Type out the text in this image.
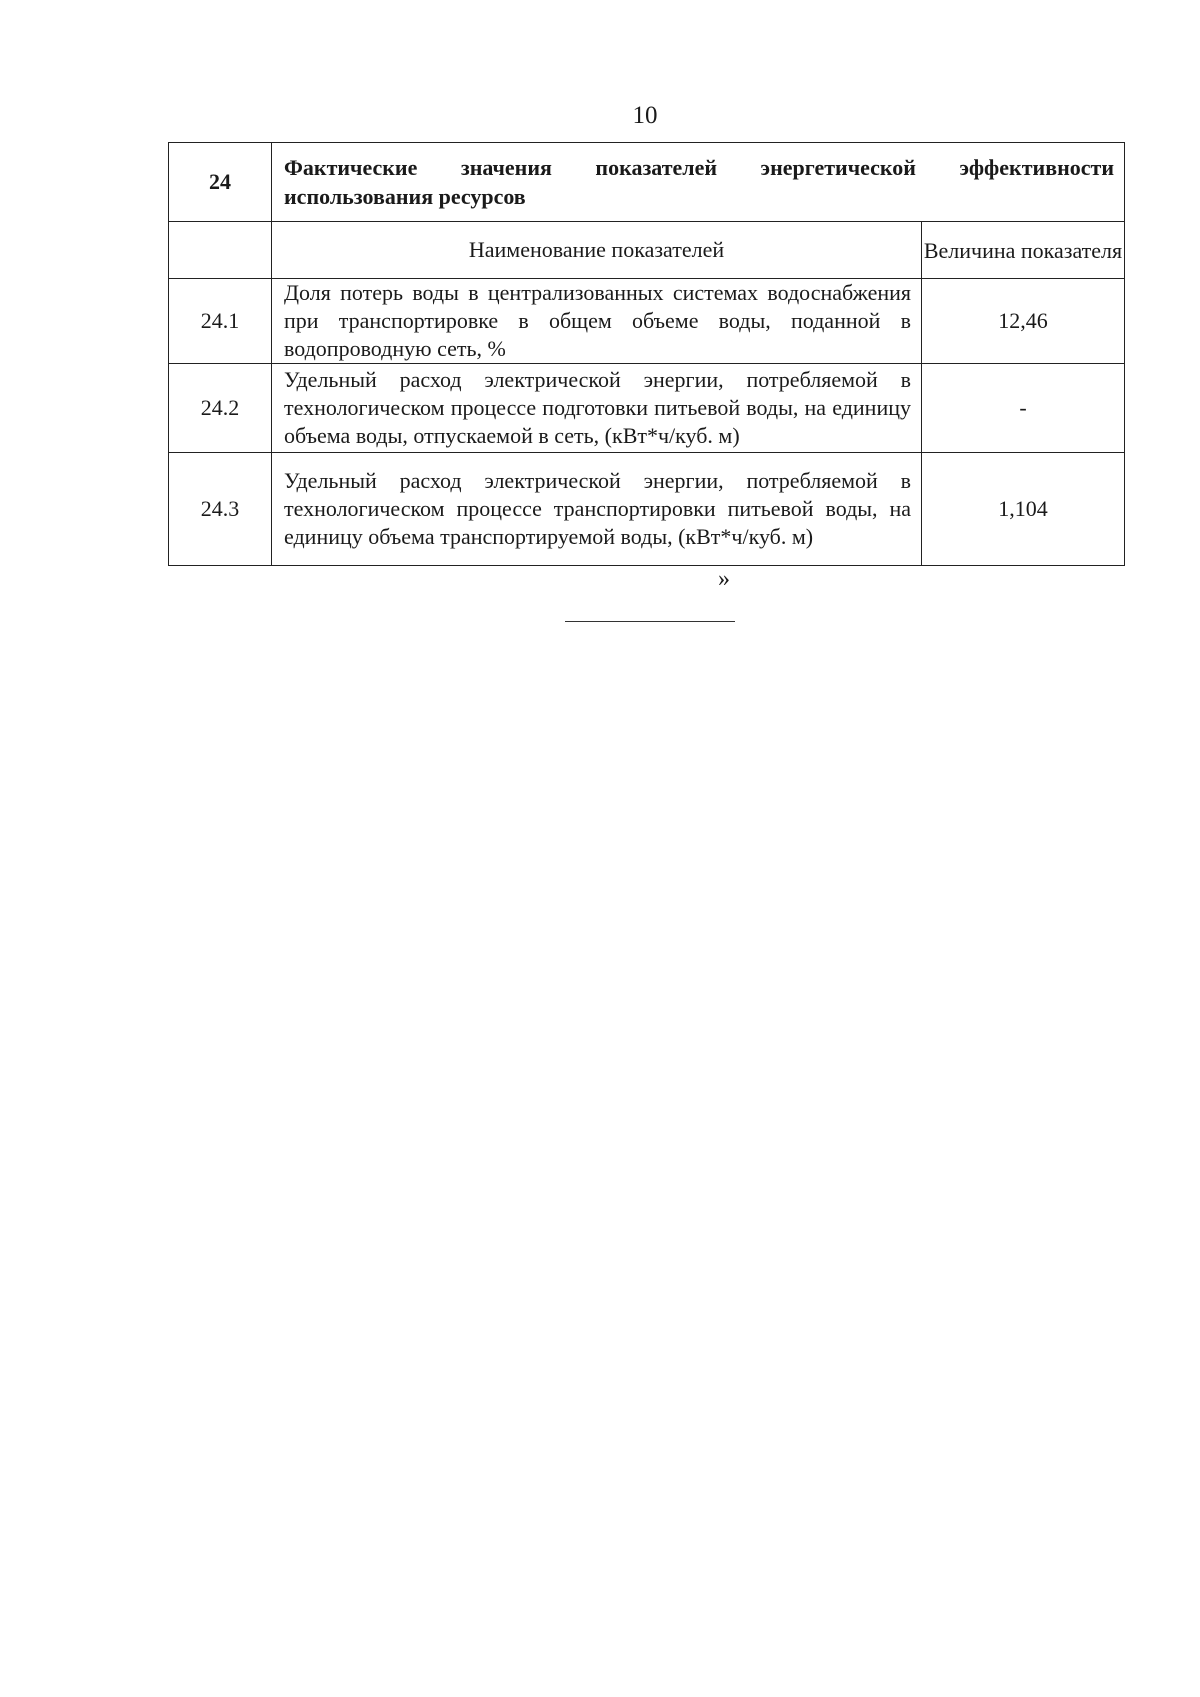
10
24	Фактические значения показателей энергетической эффективности использования ресурсов	
	Наименование показателей	Величина показателя
24.1	Доля потерь воды в централизованных системах водоснабжения при транспортировке в общем объеме воды, поданной в водопроводную сеть, %	12,46
24.2	Удельный расход электрической энергии, потребляемой в технологическом процессе подготовки питьевой воды, на единицу объема воды, отпускаемой в сеть, (кВт*ч/куб. м)	-
24.3	Удельный расход электрической энергии, потребляемой в технологическом процессе транспортировки питьевой воды, на единицу объема транспортируемой воды, (кВт*ч/куб. м)	1,104
»
